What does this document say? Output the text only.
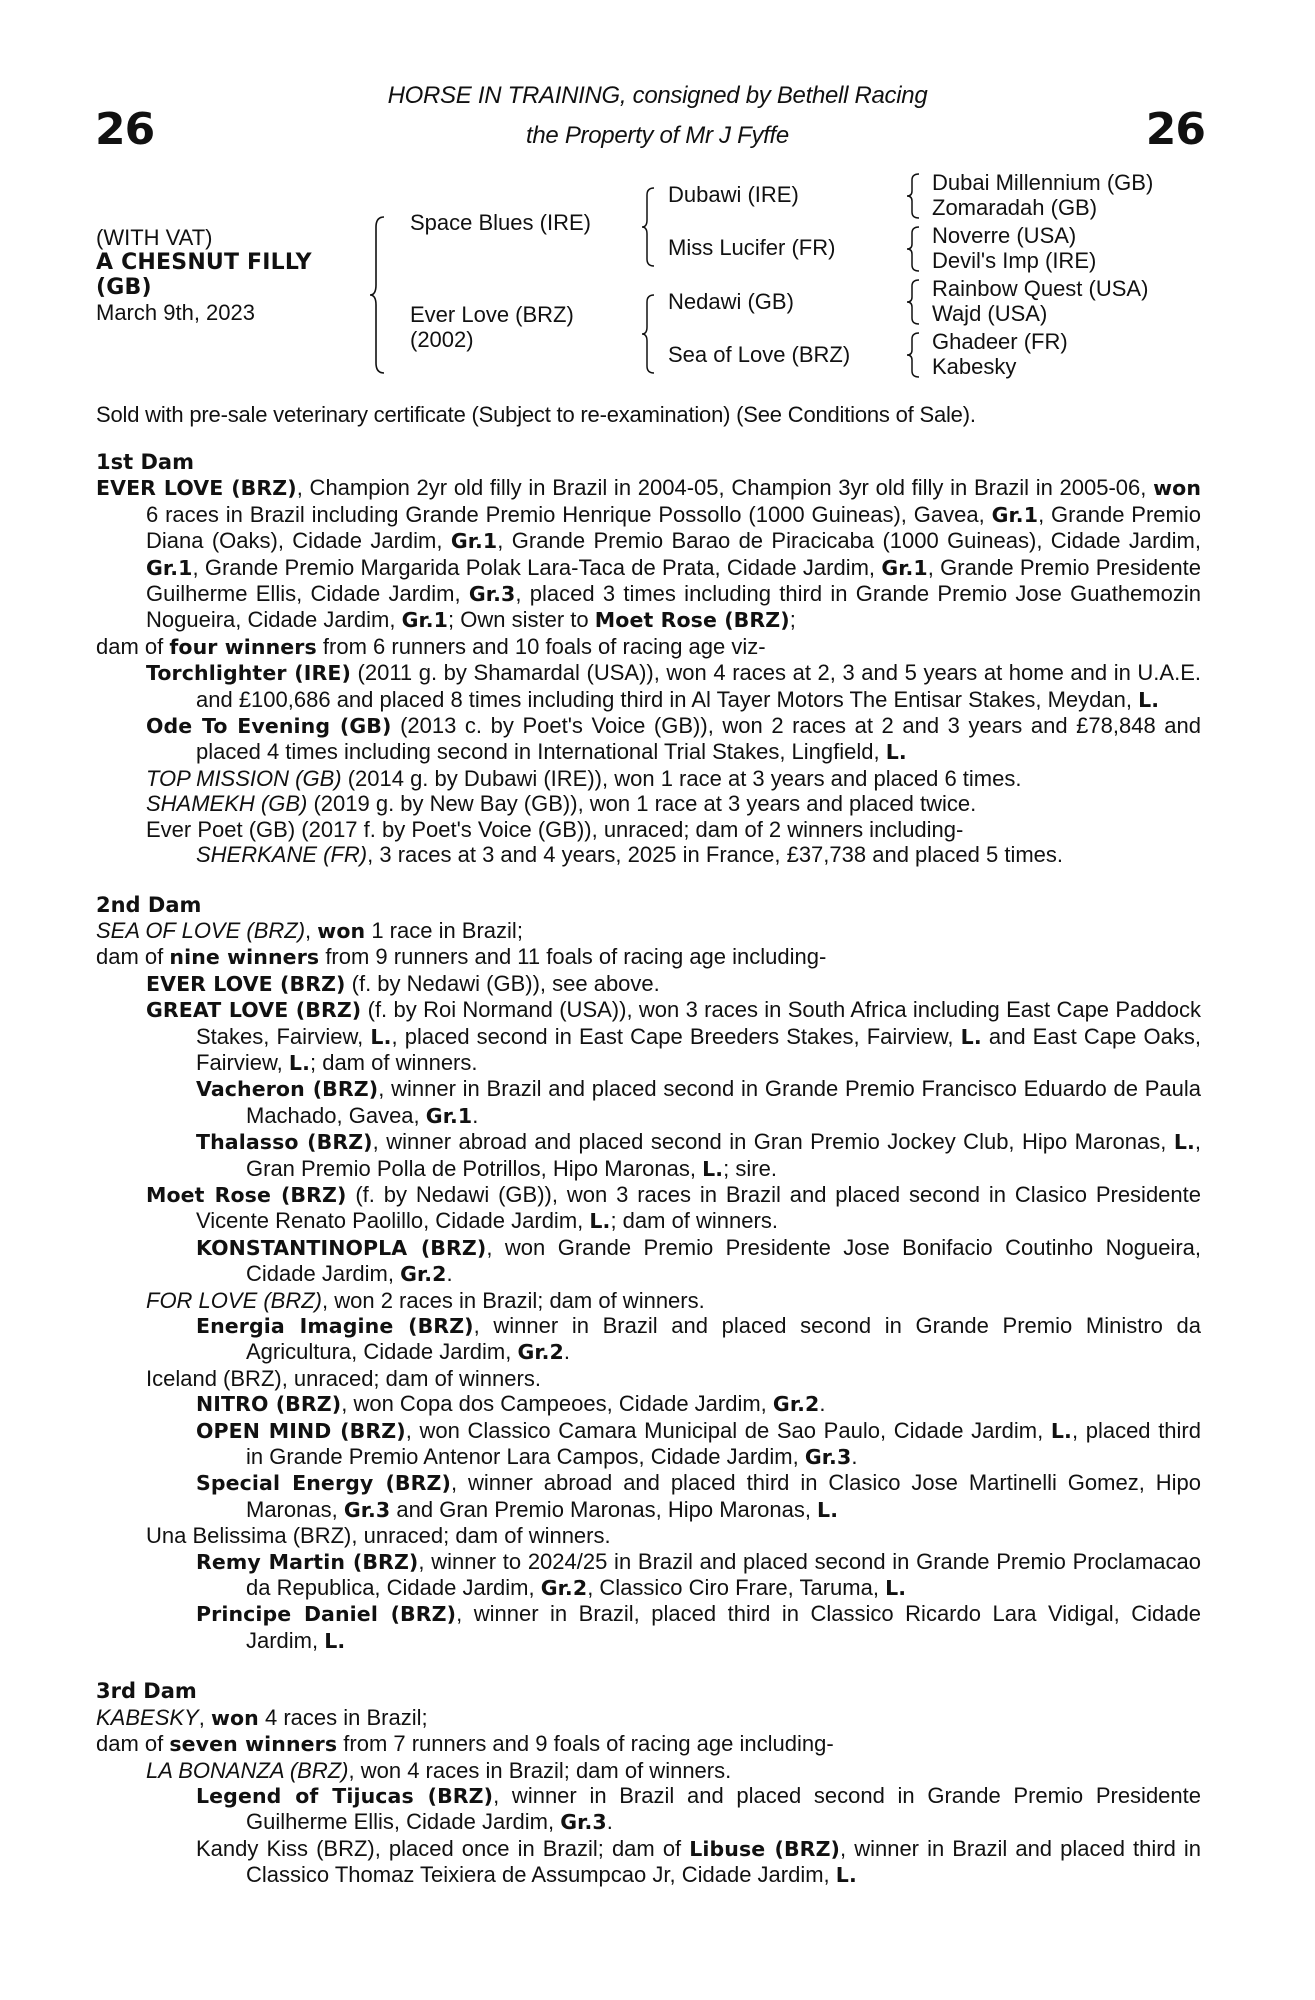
26	26
HORSE IN TRAINING, consigned by Bethell Racing
the Property of Mr J Fyffe
(WITH VAT)
A CHESNUT FILLY
(GB)
March 9th, 2023
Space Blues (IRE)
Ever Love (BRZ)
(2002)
Dubawi (IRE)
Miss Lucifer (FR)
Nedawi (GB)
Sea of Love (BRZ)
Dubai Millennium (GB)
Zomaradah (GB)
Noverre (USA)
Devil's Imp (IRE)
Rainbow Quest (USA)
Wajd (USA)
Ghadeer (FR)
Kabesky
Sold with pre-sale veterinary certificate (Subject to re-examination) (See Conditions of Sale).
1st Dam
EVER LOVE (BRZ), Champion 2yr old filly in Brazil in 2004-05, Champion 3yr old filly in Brazil in 2005-06, won 6 races in Brazil including Grande Premio Henrique Possollo (1000 Guineas), Gavea, Gr.1, Grande Premio Diana (Oaks), Cidade Jardim, Gr.1, Grande Premio Barao de Piracicaba (1000 Guineas), Cidade Jardim, Gr.1, Grande Premio Margarida Polak Lara-Taca de Prata, Cidade Jardim, Gr.1, Grande Premio Presidente Guilherme Ellis, Cidade Jardim, Gr.3, placed 3 times including third in Grande Premio Jose Guathemozin Nogueira, Cidade Jardim, Gr.1; Own sister to Moet Rose (BRZ);
dam of four winners from 6 runners and 10 foals of racing age viz-
Torchlighter (IRE) (2011 g. by Shamardal (USA)), won 4 races at 2, 3 and 5 years at home and in U.A.E. and £100,686 and placed 8 times including third in Al Tayer Motors The Entisar Stakes, Meydan, L.
Ode To Evening (GB) (2013 c. by Poet's Voice (GB)), won 2 races at 2 and 3 years and £78,848 and placed 4 times including second in International Trial Stakes, Lingfield, L.
TOP MISSION (GB) (2014 g. by Dubawi (IRE)), won 1 race at 3 years and placed 6 times.
SHAMEKH (GB) (2019 g. by New Bay (GB)), won 1 race at 3 years and placed twice.
Ever Poet (GB) (2017 f. by Poet's Voice (GB)), unraced; dam of 2 winners including-
SHERKANE (FR), 3 races at 3 and 4 years, 2025 in France, £37,738 and placed 5 times.
2nd Dam
SEA OF LOVE (BRZ), won 1 race in Brazil;
dam of nine winners from 9 runners and 11 foals of racing age including-
EVER LOVE (BRZ) (f. by Nedawi (GB)), see above.
GREAT LOVE (BRZ) (f. by Roi Normand (USA)), won 3 races in South Africa including East Cape Paddock Stakes, Fairview, L., placed second in East Cape Breeders Stakes, Fairview, L. and East Cape Oaks, Fairview, L.; dam of winners.
Vacheron (BRZ), winner in Brazil and placed second in Grande Premio Francisco Eduardo de Paula Machado, Gavea, Gr.1.
Thalasso (BRZ), winner abroad and placed second in Gran Premio Jockey Club, Hipo Maronas, L., Gran Premio Polla de Potrillos, Hipo Maronas, L.; sire.
Moet Rose (BRZ) (f. by Nedawi (GB)), won 3 races in Brazil and placed second in Clasico Presidente Vicente Renato Paolillo, Cidade Jardim, L.; dam of winners.
KONSTANTINOPLA (BRZ), won Grande Premio Presidente Jose Bonifacio Coutinho Nogueira, Cidade Jardim, Gr.2.
FOR LOVE (BRZ), won 2 races in Brazil; dam of winners.
Energia Imagine (BRZ), winner in Brazil and placed second in Grande Premio Ministro da Agricultura, Cidade Jardim, Gr.2.
Iceland (BRZ), unraced; dam of winners.
NITRO (BRZ), won Copa dos Campeoes, Cidade Jardim, Gr.2.
OPEN MIND (BRZ), won Classico Camara Municipal de Sao Paulo, Cidade Jardim, L., placed third in Grande Premio Antenor Lara Campos, Cidade Jardim, Gr.3.
Special Energy (BRZ), winner abroad and placed third in Clasico Jose Martinelli Gomez, Hipo Maronas, Gr.3 and Gran Premio Maronas, Hipo Maronas, L.
Una Belissima (BRZ), unraced; dam of winners.
Remy Martin (BRZ), winner to 2024/25 in Brazil and placed second in Grande Premio Proclamacao da Republica, Cidade Jardim, Gr.2, Classico Ciro Frare, Taruma, L.
Principe Daniel (BRZ), winner in Brazil, placed third in Classico Ricardo Lara Vidigal, Cidade Jardim, L.
3rd Dam
KABESKY, won 4 races in Brazil;
dam of seven winners from 7 runners and 9 foals of racing age including-
LA BONANZA (BRZ), won 4 races in Brazil; dam of winners.
Legend of Tijucas (BRZ), winner in Brazil and placed second in Grande Premio Presidente Guilherme Ellis, Cidade Jardim, Gr.3.
Kandy Kiss (BRZ), placed once in Brazil; dam of Libuse (BRZ), winner in Brazil and placed third in Classico Thomaz Teixiera de Assumpcao Jr, Cidade Jardim, L.
